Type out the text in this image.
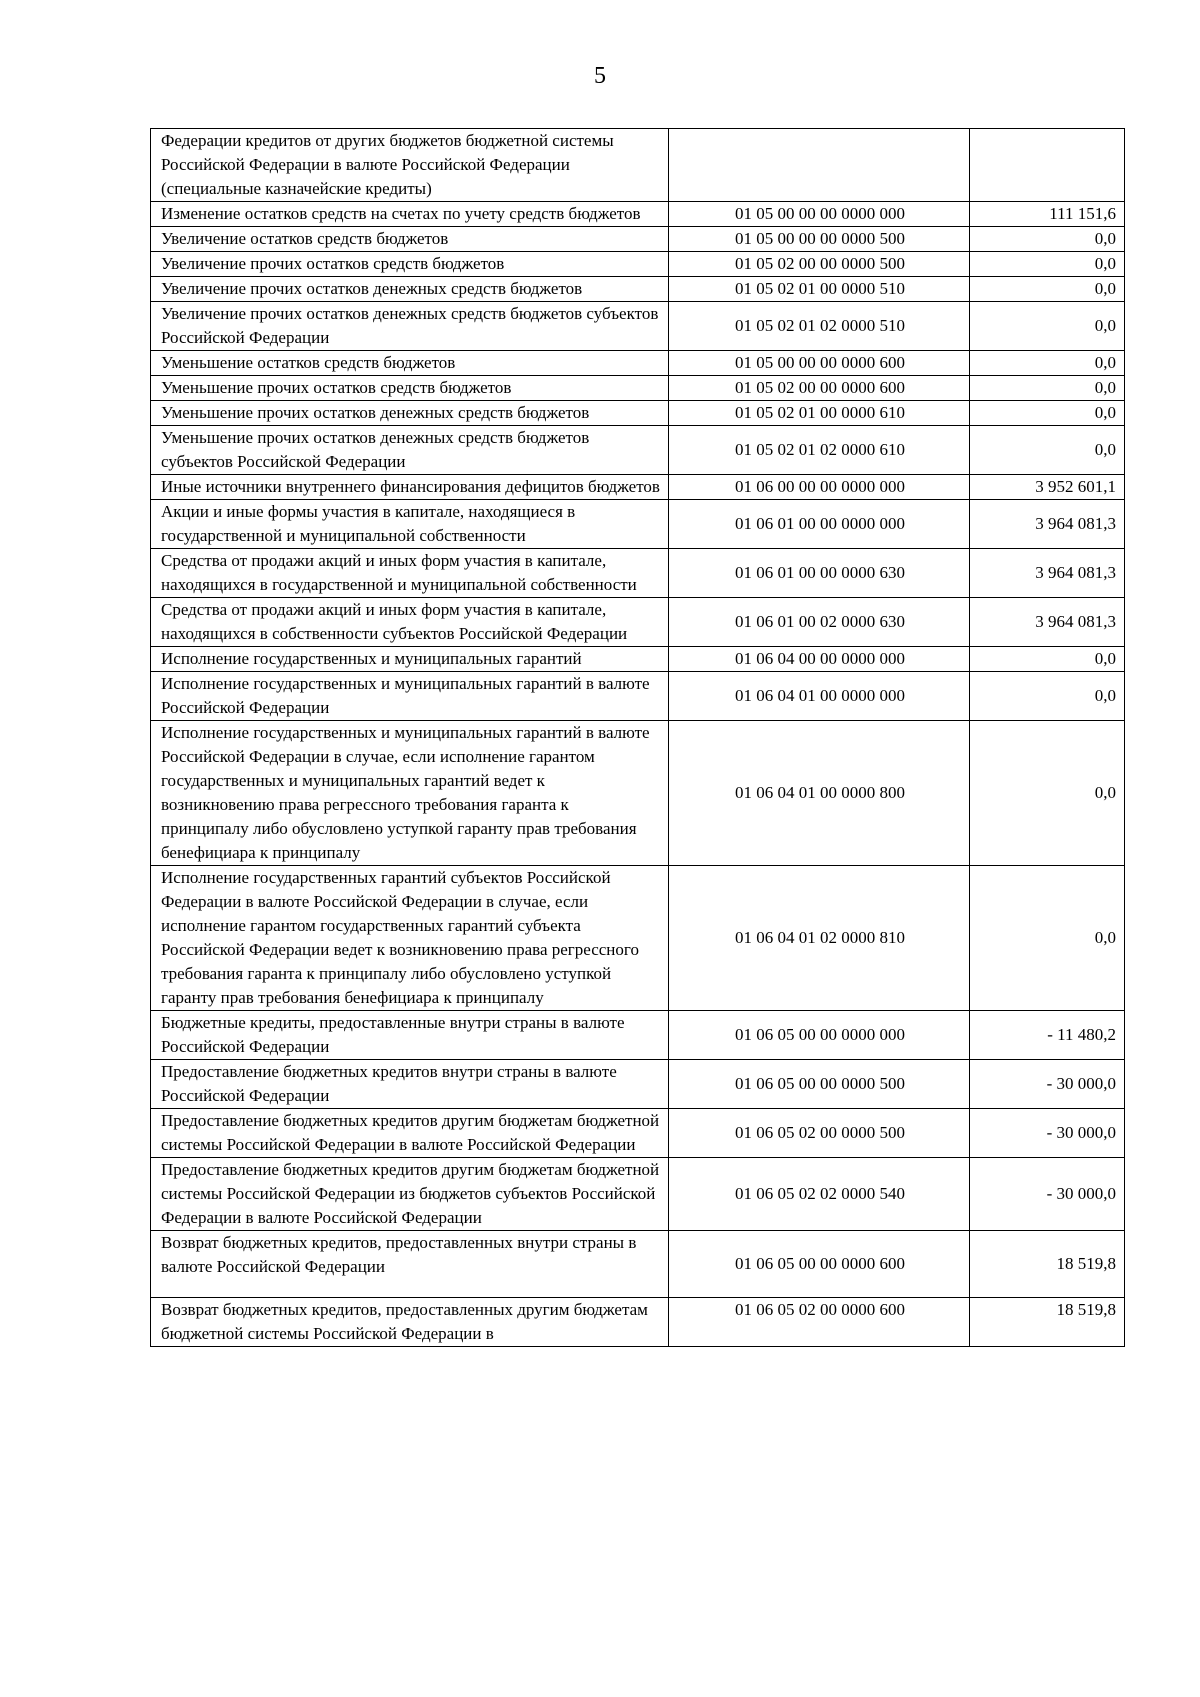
5
Федерации кредитов от других бюджетов бюджетной системы Российской Федерации в валюте Российской Федерации (специальные казначейские кредиты)		
Изменение остатков средств на счетах по учету средств бюджетов	01 05 00 00 00 0000 000	111 151,6
Увеличение остатков средств бюджетов	01 05 00 00 00 0000 500	0,0
Увеличение прочих остатков средств бюджетов	01 05 02 00 00 0000 500	0,0
Увеличение прочих остатков денежных средств бюджетов	01 05 02 01 00 0000 510	0,0
Увеличение прочих остатков денежных средств бюджетов субъектов Российской Федерации	01 05 02 01 02 0000 510	0,0
Уменьшение остатков средств бюджетов	01 05 00 00 00 0000 600	0,0
Уменьшение прочих остатков средств бюджетов	01 05 02 00 00 0000 600	0,0
Уменьшение прочих остатков денежных средств бюджетов	01 05 02 01 00 0000 610	0,0
Уменьшение прочих остатков денежных средств бюджетов субъектов Российской Федерации	01 05 02 01 02 0000 610	0,0
Иные источники внутреннего финансирования дефицитов бюджетов	01 06 00 00 00 0000 000	3 952 601,1
Акции и иные формы участия в капитале, находящиеся в государственной и муниципальной собственности	01 06 01 00 00 0000 000	3 964 081,3
Средства от продажи акций и иных форм участия в капитале, находящихся в государственной и муниципальной собственности	01 06 01 00 00 0000 630	3 964 081,3
Средства от продажи акций и иных форм участия в капитале, находящихся в собственности субъектов Российской Федерации	01 06 01 00 02 0000 630	3 964 081,3
Исполнение государственных и муниципальных гарантий	01 06 04 00 00 0000 000	0,0
Исполнение государственных и муниципальных гарантий в валюте Российской Федерации	01 06 04 01 00 0000 000	0,0
Исполнение государственных и муниципальных гарантий в валюте Российской Федерации в случае, если исполнение гарантом государственных и муниципальных гарантий ведет к возникновению права регрессного требования гаранта к принципалу либо обусловлено уступкой гаранту прав требования бенефициара к принципалу	01 06 04 01 00 0000 800	0,0
Исполнение государственных гарантий субъектов Российской Федерации в валюте Российской Федерации в случае, если исполнение гарантом государственных гарантий субъекта Российской Федерации ведет к возникновению права регрессного требования гаранта к принципалу либо обусловлено уступкой гаранту прав требования бенефициара к принципалу	01 06 04 01 02 0000 810	0,0
Бюджетные кредиты, предоставленные внутри страны в валюте Российской Федерации	01 06 05 00 00 0000 000	- 11 480,2
Предоставление бюджетных кредитов внутри страны в валюте Российской Федерации	01 06 05 00 00 0000 500	- 30 000,0
Предоставление бюджетных кредитов другим бюджетам бюджетной системы Российской Федерации в валюте Российской Федерации	01 06 05 02 00 0000 500	- 30 000,0
Предоставление бюджетных кредитов другим бюджетам бюджетной системы Российской Федерации из бюджетов субъектов Российской Федерации в валюте Российской Федерации	01 06 05 02 02 0000 540	- 30 000,0
Возврат бюджетных кредитов, предоставленных внутри страны в валюте Российской Федерации	01 06 05 00 00 0000 600	18 519,8
Возврат бюджетных кредитов, предоставленных другим бюджетам бюджетной системы Российской Федерации в	01 06 05 02 00 0000 600	18 519,8
